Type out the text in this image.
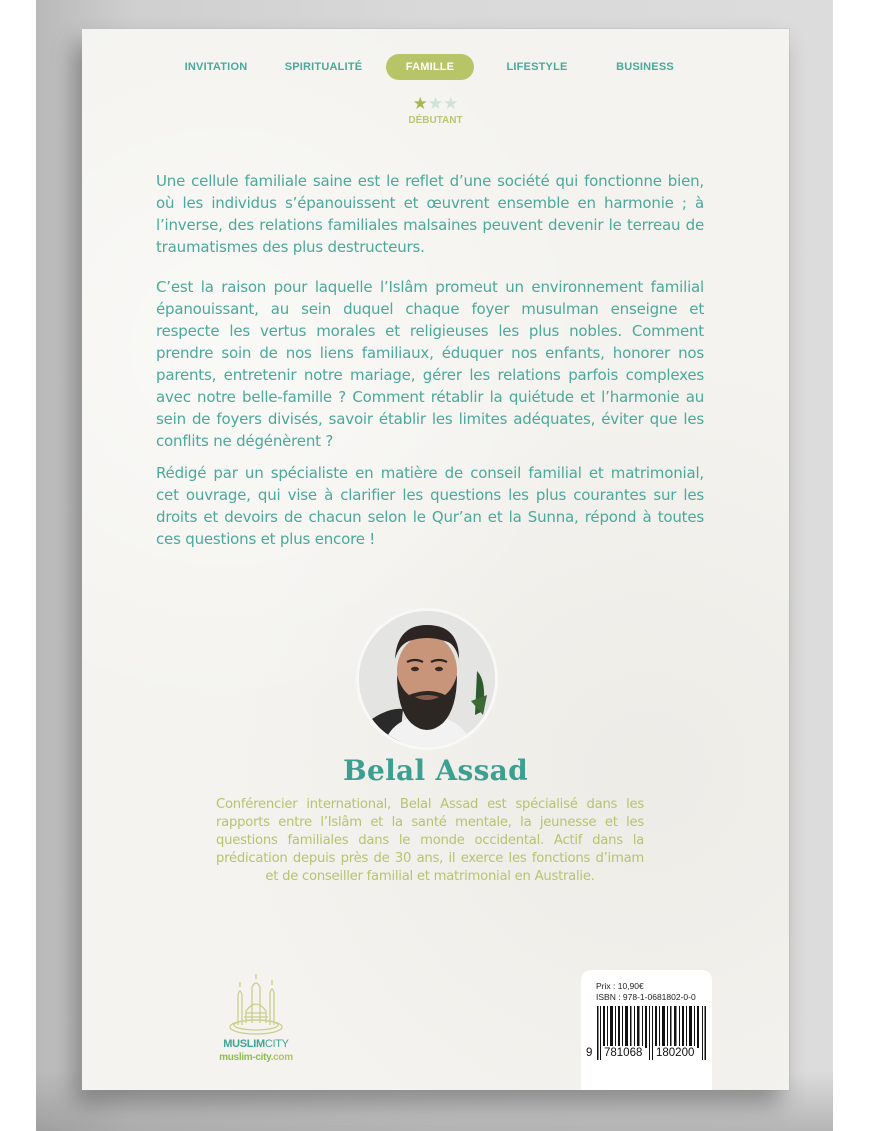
INVITATION	SPIRITUALITÉ	FAMILLE	LIFESTYLE	BUSINESS
★★★
DÉBUTANT
Une cellule familiale saine est le reflet d’une société qui fonctionne bien, où les individus s’épanouissent et œuvrent ensemble en harmonie ; à l’inverse, des relations familiales malsaines peuvent devenir le terreau de traumatismes des plus destructeurs.
C’est la raison pour laquelle l’Islâm promeut un environnement familial épanouissant, au sein duquel chaque foyer musulman enseigne et respecte les vertus morales et religieuses les plus nobles. Comment prendre soin de nos liens familiaux, éduquer nos enfants, honorer nos parents, entretenir notre mariage, gérer les relations parfois complexes avec notre belle-famille ? Comment rétablir la quiétude et l’harmonie au sein de foyers divisés, savoir établir les limites adéquates, éviter que les conflits ne dégénèrent ?
Rédigé par un spécialiste en matière de conseil familial et matrimonial, cet ouvrage, qui vise à clarifier les questions les plus courantes sur les droits et devoirs de chacun selon le Qur’an et la Sunna, répond à toutes ces questions et plus encore !
Belal Assad
Conférencier international, Belal Assad est spécialisé dans les rapports entre l’Islâm et la santé mentale, la jeunesse et les questions familiales dans le monde occidental. Actif dans la prédication depuis près de 30 ans, il exerce les fonctions d’imam et de conseiller familial et matrimonial en Australie.
MUSLIMCITY
muslim-city.com
Prix : 10,90€
ISBN : 978-1-0681802-0-0
9 781068 180200
